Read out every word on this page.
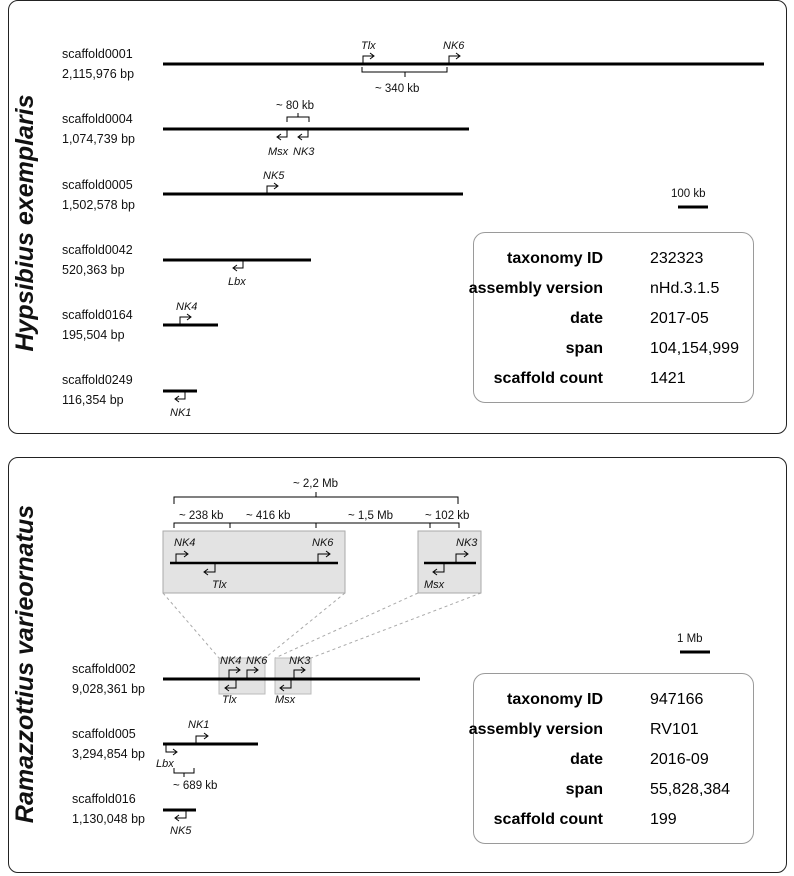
Hypsibius exemplaris
Ramazzottius varieornatus
scaffold0001
2,115,976 bp
scaffold0004
1,074,739 bp
scaffold0005
1,502,578 bp
scaffold0042
520,363 bp
scaffold0164
195,504 bp
scaffold0249
116,354 bp
Tlx	NK6
Msx NK3
NK5
Lbx
NK4
NK1
~ 340 kb
~ 80 kb
100 kb
~ 2,2 Mb
~ 238 kb ~ 416 kb	~ 1,5 Mb	~ 102 kb
NK4
Tlx
NK6
Msx
NK3
scaffold002
9,028,361 bp
scaffold005
3,294,854 bp
scaffold016
1,130,048 bp
NK4 NK6 NK3
Tlx	Msx
NK1
Lbx
NK5
~ 689 kb
1 Mb
taxonomy ID	232323
assembly version	nHd.3.1.5
date	2017-05
span	104,154,999
scaffold count	1421
taxonomy ID	947166
assembly version	RV101
date	2016-09
span	55,828,384
scaffold count	199
